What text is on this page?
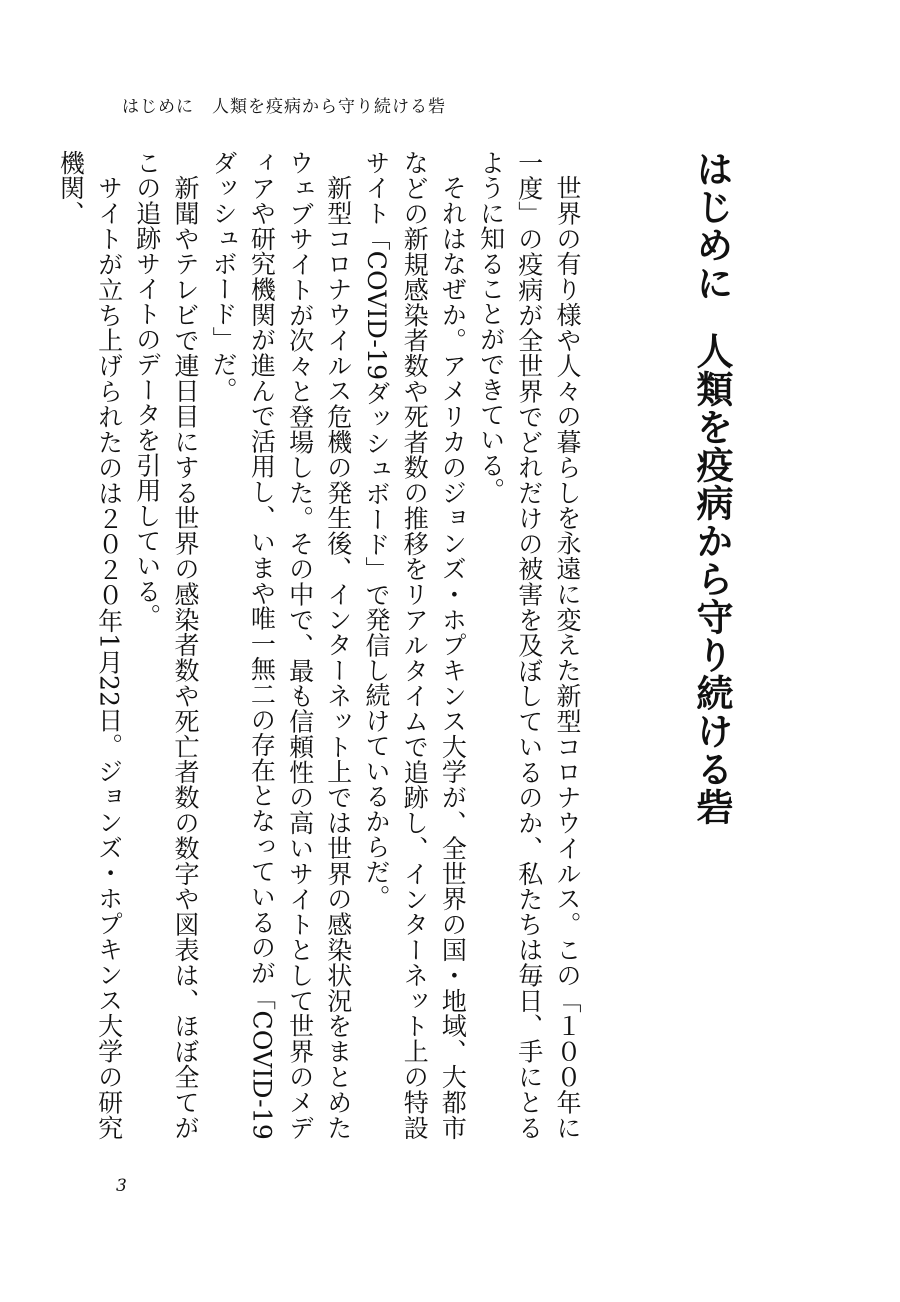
はじめに 人類を疫病から守り続ける砦
はじめに人類を疫病から守り続ける砦

世界の有り様や人々の暮らしを永遠に変えた新型コロナウイルス。この「１００年に一度」の疫病が全世界でどれだけの被害を及ぼしているのか、私たちは毎日、手にとるように知ることができている。

それはなぜか。アメリカのジョンズ・ホプキンス大学が、全世界の国・地域、大都市などの新規感染者数や死者数の推移をリアルタイムで追跡し、インターネット上の特設サイト「COVID-19ダッシュボード」で発信し続けているからだ。

新型コロナウイルス危機の発生後、インターネット上では世界の感染状況をまとめたウェブサイトが次々と登場した。その中で、最も信頼性の高いサイトとして世界のメディアや研究機関が進んで活用し、いまや唯一無二の存在となっているのが「COVID-19ダッシュボード」だ。

新聞やテレビで連日目にする世界の感染者数や死亡者数の数字や図表は、ほぼ全てがこの追跡サイトのデータを引用している。

サイトが立ち上げられたのは２０２０年1月22日。ジョンズ・ホプキンス大学の研究機関、

3
